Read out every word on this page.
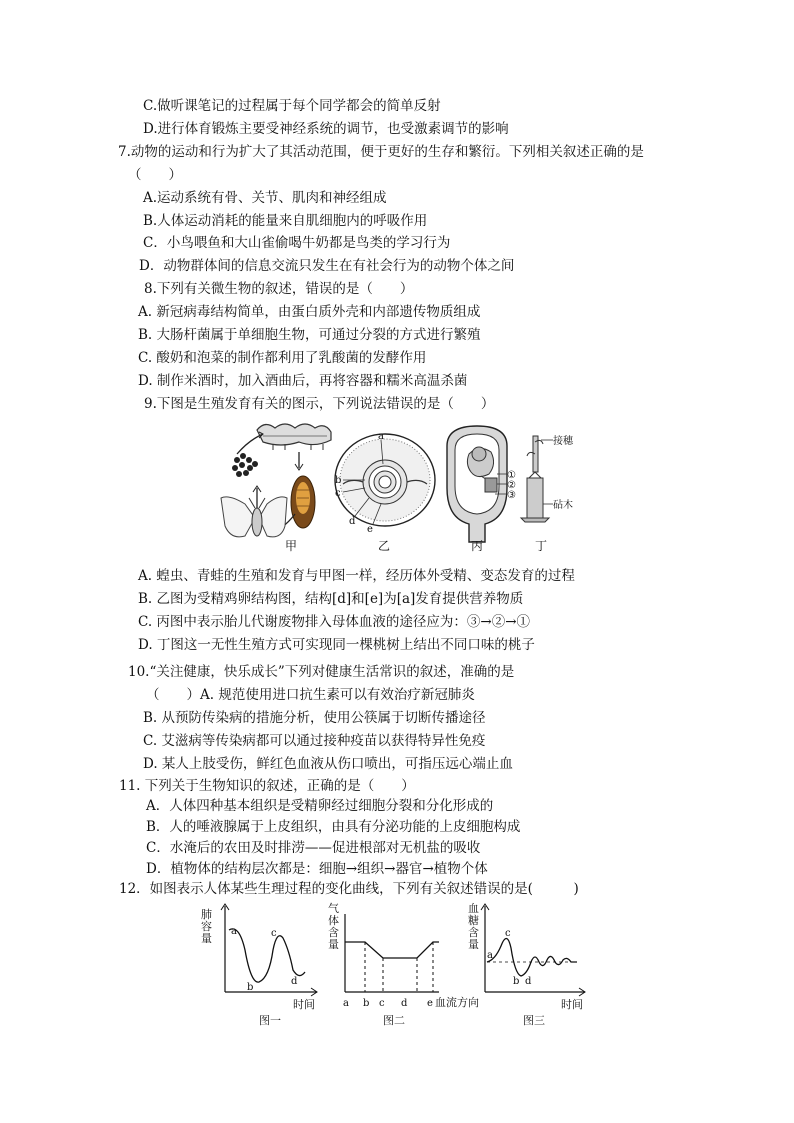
C.做听课笔记的过程属于每个同学都会的简单反射
D.进行体育锻炼主要受神经系统的调节，也受激素调节的影响
7.动物的运动和行为扩大了其活动范围，便于更好的生存和繁衍。下列相关叙述正确的是
（　　）
A.运动系统有骨、关节、肌肉和神经组成
B.人体运动消耗的能量来自肌细胞内的呼吸作用
C．小鸟喂鱼和大山雀偷喝牛奶都是鸟类的学习行为
D．动物群体间的信息交流只发生在有社会行为的动物个体之间
8.下列有关微生物的叙述，错误的是（　　）
A. 新冠病毒结构简单，由蛋白质外壳和内部遗传物质组成
B. 大肠杆菌属于单细胞生物，可通过分裂的方式进行繁殖
C. 酸奶和泡菜的制作都利用了乳酸菌的发酵作用
D. 制作米酒时，加入酒曲后，再将容器和糯米高温杀菌
9.下图是生殖发育有关的图示，下列说法错误的是（　　）
甲
a
b
c
d
e
乙
①
②
③
丙
接穗
砧木
丁
A. 蝗虫、青蛙的生殖和发育与甲图一样，经历体外受精、变态发育的过程
B. 乙图为受精鸡卵结构图，结构[d]和[e]为[a]发育提供营养物质
C. 丙图中表示胎儿代谢废物排入母体血液的途径应为：③→②→①
D. 丁图这一无性生殖方式可实现同一棵桃树上结出不同口味的桃子
10.“关注健康，快乐成长”下列对健康生活常识的叙述，准确的是
（　　）A. 规范使用进口抗生素可以有效治疗新冠肺炎
B. 从预防传染病的措施分析，使用公筷属于切断传播途径
C. 艾滋病等传染病都可以通过接种疫苗以获得特异性免疫
D. 某人上肢受伤，鲜红色血液从伤口喷出，可指压远心端止血
11. 下列关于生物知识的叙述，正确的是（　　）
A．人体四种基本组织是受精卵经过细胞分裂和分化形成的
B．人的唾液腺属于上皮组织，由具有分泌功能的上皮细胞构成
C．水淹后的农田及时排涝——促进根部对无机盐的吸收
D．植物体的结构层次都是：细胞→组织→器官→植物个体
12．如图表示人体某些生理过程的变化曲线，下列有关叙述错误的是(　　　)
肺
容
量
a
b
c
d
时间
图一
气
体
含
量
a b c d e 血流方向
图二
血
糖
含
量
a
b
c
d
时间
图三
